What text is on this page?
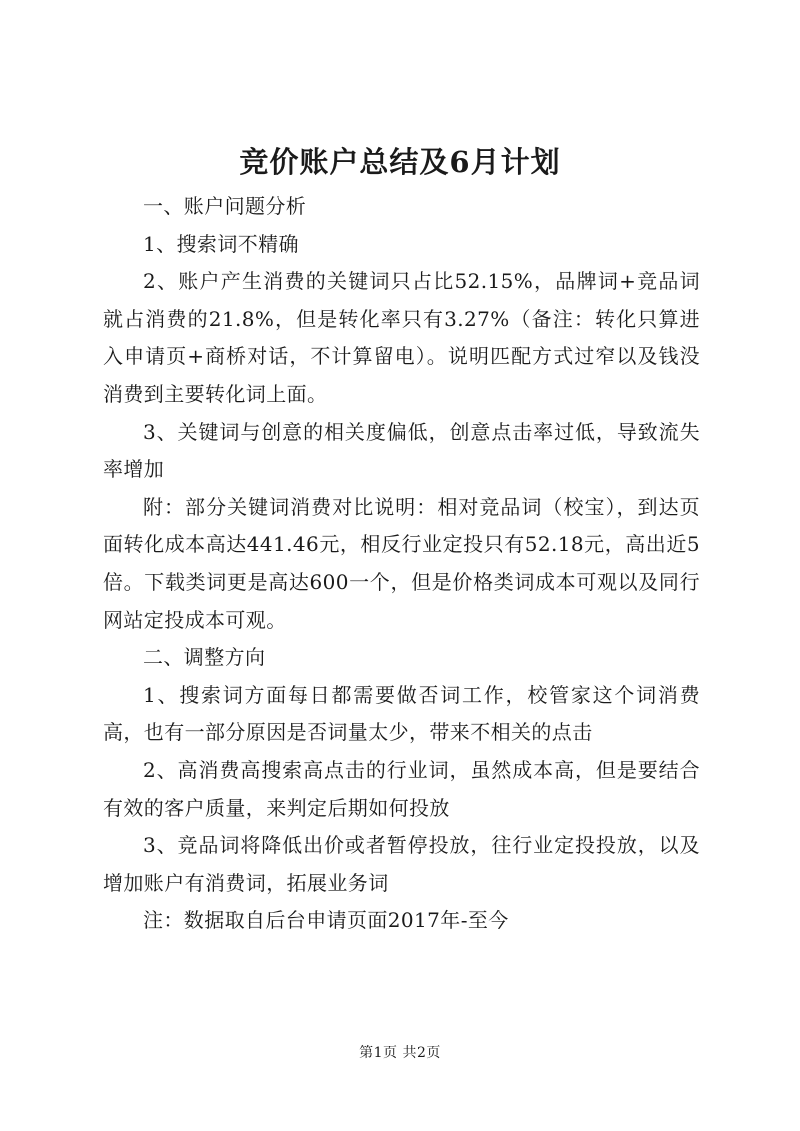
竞价账户总结及6月计划

一、账户问题分析

1、搜索词不精确

2、账户产生消费的关键词只占比52.15%，品牌词+竞品词就占消费的21.8%，但是转化率只有3.27%（备注：转化只算进入申请页+商桥对话，不计算留电）。说明匹配方式过窄以及钱没消费到主要转化词上面。

3、关键词与创意的相关度偏低，创意点击率过低，导致流失率增加

附：部分关键词消费对比说明：相对竞品词（校宝），到达页面转化成本高达441.46元，相反行业定投只有52.18元，高出近5倍。下载类词更是高达600一个，但是价格类词成本可观以及同行网站定投成本可观。

二、调整方向

1、搜索词方面每日都需要做否词工作，校管家这个词消费高，也有一部分原因是否词量太少，带来不相关的点击

2、高消费高搜索高点击的行业词，虽然成本高，但是要结合有效的客户质量，来判定后期如何投放

3、竞品词将降低出价或者暂停投放，往行业定投投放，以及增加账户有消费词，拓展业务词

注：数据取自后台申请页面2017年-至今

第1页 共2页
